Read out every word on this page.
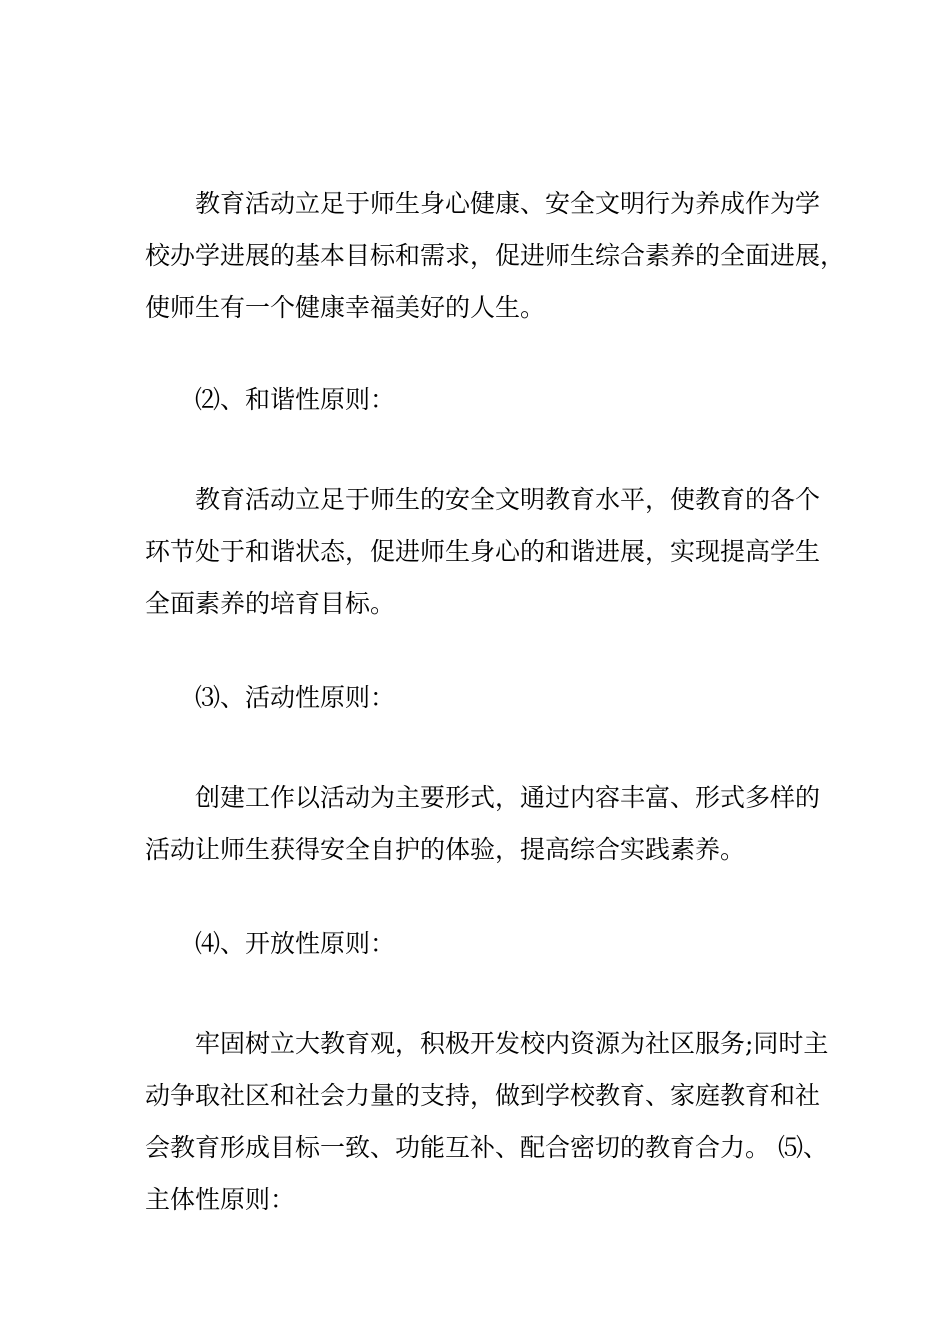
教育活动立足于师生身心健康、安全文明行为养成作为学
校办学进展的基本目标和需求，促进师生综合素养的全面进展，
使师生有一个健康幸福美好的人生。
⑵、和谐性原则：
教育活动立足于师生的安全文明教育水平，使教育的各个
环节处于和谐状态，促进师生身心的和谐进展，实现提高学生
全面素养的培育目标。
⑶、活动性原则：
创建工作以活动为主要形式，通过内容丰富、形式多样的
活动让师生获得安全自护的体验，提高综合实践素养。
⑷、开放性原则：
牢固树立大教育观，积极开发校内资源为社区服务;同时主
动争取社区和社会力量的支持，做到学校教育、家庭教育和社
会教育形成目标一致、功能互补、配合密切的教育合力。 ⑸、
主体性原则：
